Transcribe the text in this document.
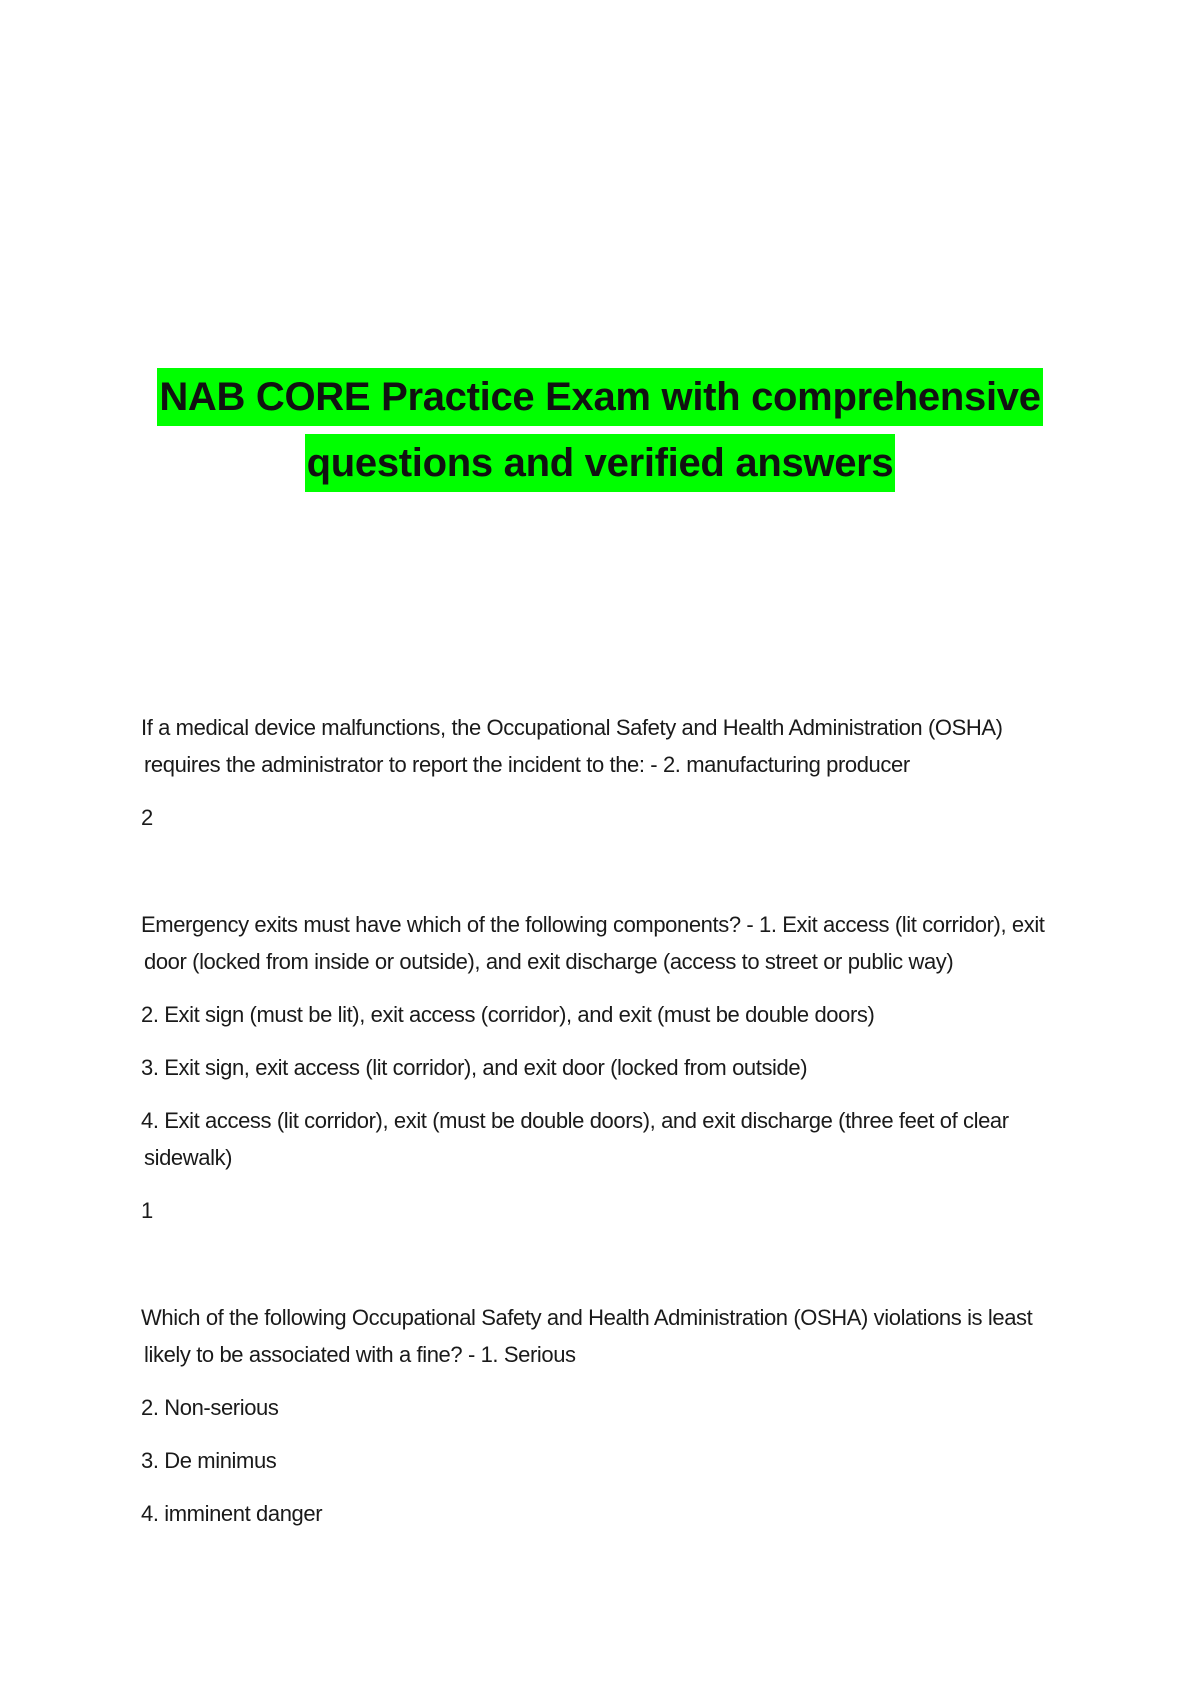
NAB CORE Practice Exam with comprehensive
questions and verified answers

If a medical device malfunctions, the Occupational Safety and Health Administration (OSHA)
requires the administrator to report the incident to the: - 2. manufacturing producer

2

Emergency exits must have which of the following components? - 1. Exit access (lit corridor), exit
door (locked from inside or outside), and exit discharge (access to street or public way)

2. Exit sign (must be lit), exit access (corridor), and exit (must be double doors)

3. Exit sign, exit access (lit corridor), and exit door (locked from outside)

4. Exit access (lit corridor), exit (must be double doors), and exit discharge (three feet of clear
sidewalk)

1

Which of the following Occupational Safety and Health Administration (OSHA) violations is least
likely to be associated with a fine? - 1. Serious

2. Non-serious

3. De minimus

4. imminent danger
